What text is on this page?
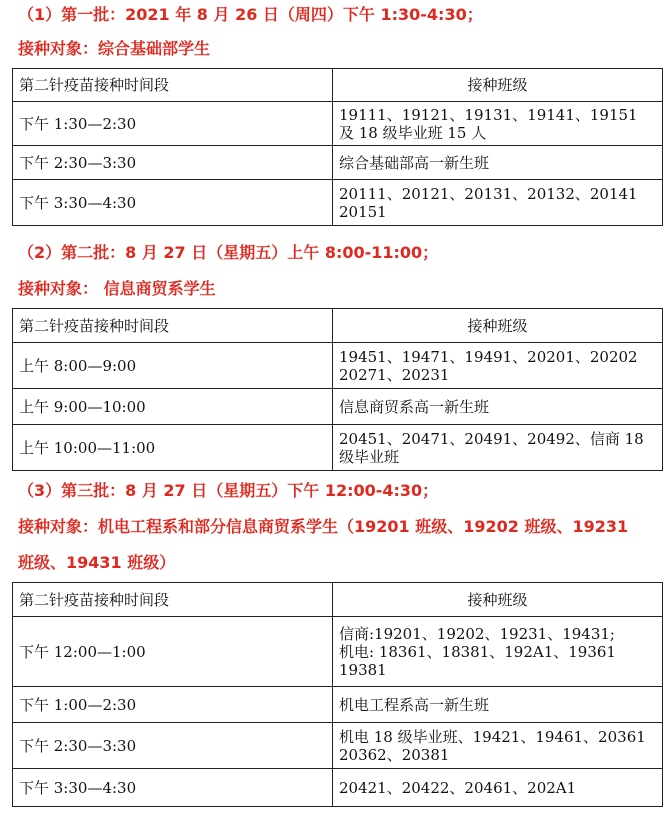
（1）第一批：2021 年 8 月 26 日（周四）下午 1:30-4:30；
接种对象：综合基础部学生
第二针疫苗接种时间段	接种班级
下午 1:30—2:30	19111、19121、19131、19141、19151
及 18 级毕业班 15 人

下午 2:30—3:30	综合基础部高一新生班

下午 3:30—4:30	20111、20121、20131、20132、20141
20151
（2）第二批：8 月 27 日（星期五）上午 8:00-11:00；
接种对象： 信息商贸系学生
第二针疫苗接种时间段	接种班级
上午 8:00—9:00	19451、19471、19491、20201、20202
20271、20231

上午 9:00—10:00	信息商贸系高一新生班

上午 10:00—11:00	20451、20471、20491、20492、信商 18
级毕业班
（3）第三批：8 月 27 日（星期五）下午 12:00-4:30；
接种对象：机电工程系和部分信息商贸系学生（19201 班级、19202 班级、19231
班级、19431 班级）
第二针疫苗接种时间段	接种班级
下午 12:00—1:00	信商:19201、19202、19231、19431;
机电: 18361、18381、192A1、19361
19381

下午 1:00—2:30	机电工程系高一新生班

下午 2:30—3:30	机电 18 级毕业班、19421、19461、20361
20362、20381

下午 3:30—4:30	20421、20422、20461、202A1
